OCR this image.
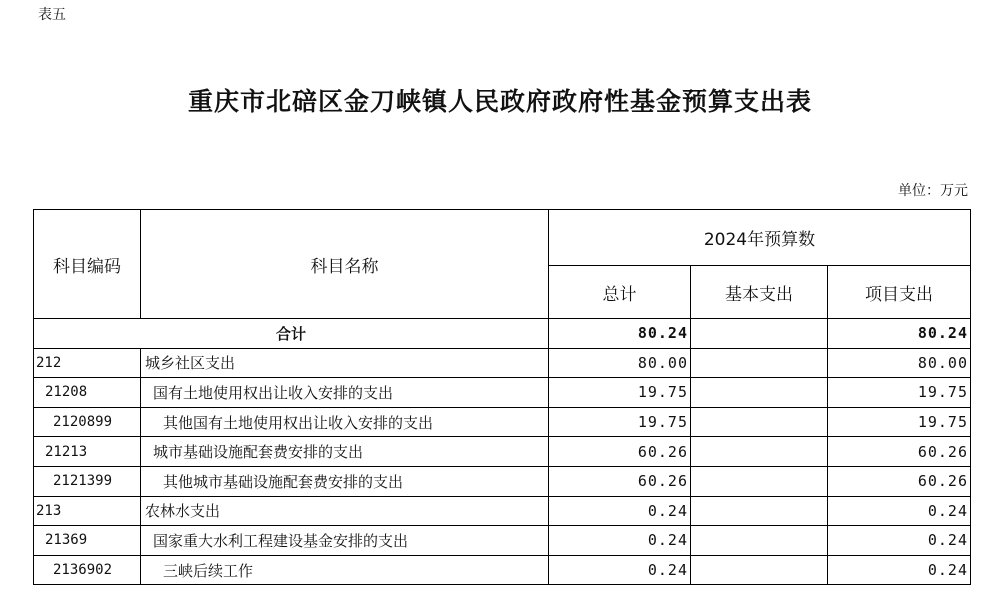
表五
重庆市北碚区金刀峡镇人民政府政府性基金预算支出表
单位：万元
科目编码	科目名称	2024年预算数		
		总计	基本支出	项目支出
合计		80.24		80.24
212	城乡社区支出	80.00		80.00
21208	国有土地使用权出让收入安排的支出	19.75		19.75
2120899	其他国有土地使用权出让收入安排的支出	19.75		19.75
21213	城市基础设施配套费安排的支出	60.26		60.26
2121399	其他城市基础设施配套费安排的支出	60.26		60.26
213	农林水支出	0.24		0.24
21369	国家重大水利工程建设基金安排的支出	0.24		0.24
2136902	三峡后续工作	0.24		0.24
